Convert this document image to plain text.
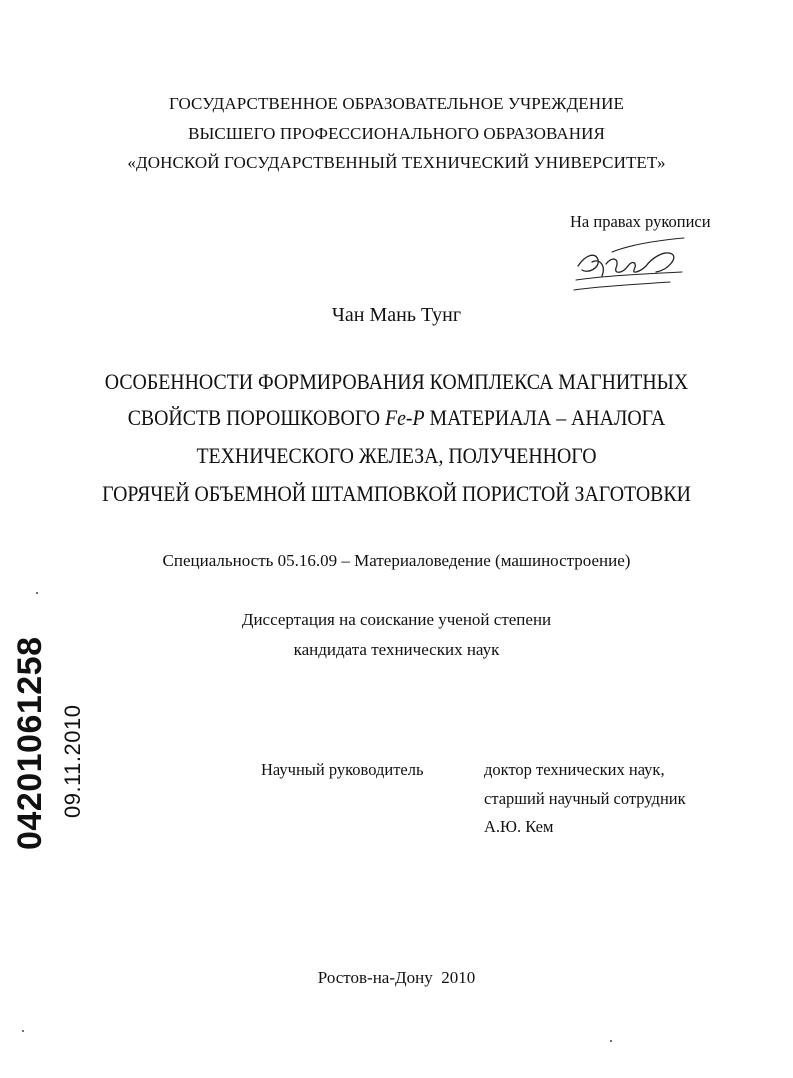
ГОСУДАРСТВЕННОЕ ОБРАЗОВАТЕЛЬНОЕ УЧРЕЖДЕНИЕ
ВЫСШЕГО ПРОФЕССИОНАЛЬНОГО ОБРАЗОВАНИЯ
«ДОНСКОЙ ГОСУДАРСТВЕННЫЙ ТЕХНИЧЕСКИЙ УНИВЕРСИТЕТ»
На правах рукописи
Чан Мань Тунг
ОСОБЕННОСТИ ФОРМИРОВАНИЯ КОМПЛЕКСА МАГНИТНЫХ
СВОЙСТВ ПОРОШКОВОГО Fe-P МАТЕРИАЛА – АНАЛОГА
ТЕХНИЧЕСКОГО ЖЕЛЕЗА, ПОЛУЧЕННОГО
ГОРЯЧЕЙ ОБЪЕМНОЙ ШТАМПОВКОЙ ПОРИСТОЙ ЗАГОТОВКИ
Специальность 05.16.09 – Материаловедение (машиностроение)
Диссертация на соискание ученой степени
кандидата технических наук
Научный руководитель	доктор технических наук,
старший научный сотрудник
А.Ю. Кем
Ростов-на-Дону  2010
04201061258 09.11.2010
